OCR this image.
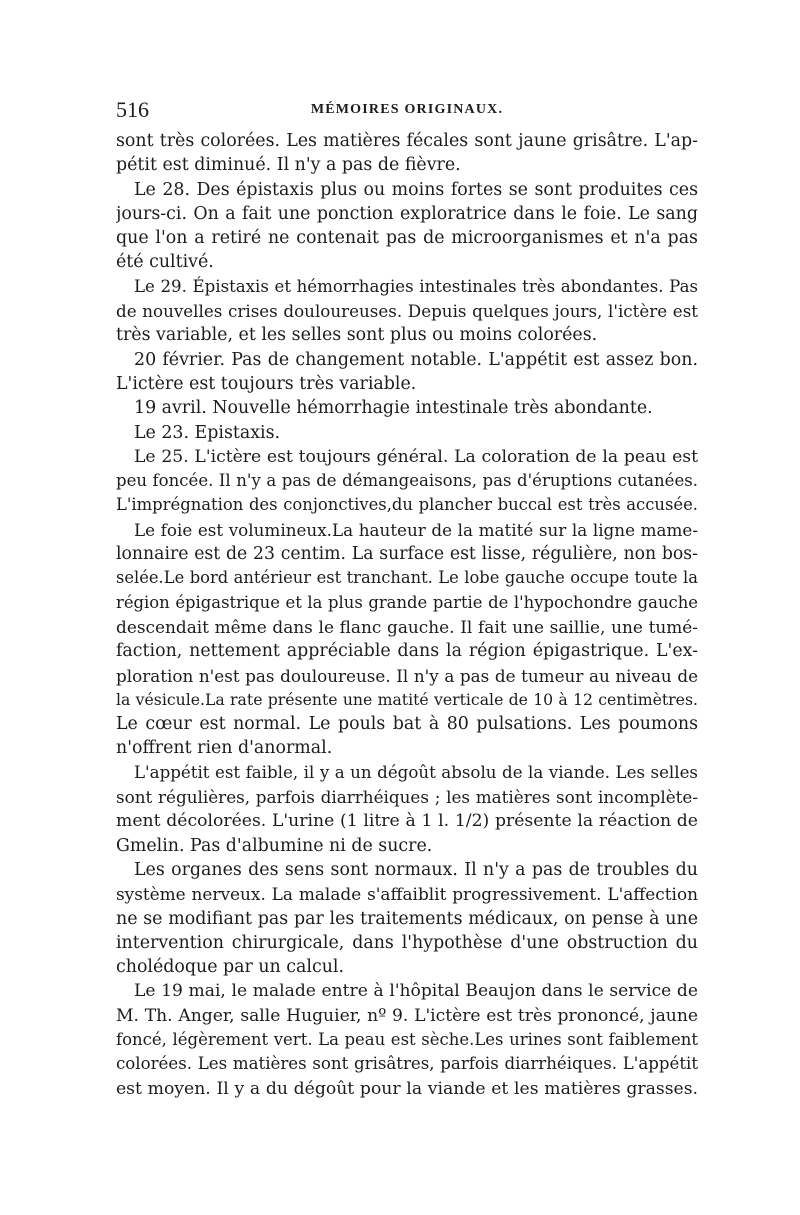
516	MÉMOIRES ORIGINAUX.
sont très colorées. Les matières fécales sont jaune grisâtre. L'ap-
pétit est diminué. Il n'y a pas de fièvre.
Le 28. Des épistaxis plus ou moins fortes se sont produites ces
jours-ci. On a fait une ponction exploratrice dans le foie. Le sang
que l'on a retiré ne contenait pas de microorganismes et n'a pas
été cultivé.
Le 29. Épistaxis et hémorrhagies intestinales très abondantes. Pas
de nouvelles crises douloureuses. Depuis quelques jours, l'ictère est
très variable, et les selles sont plus ou moins colorées.
20 février. Pas de changement notable. L'appétit est assez bon.
L'ictère est toujours très variable.
19 avril. Nouvelle hémorrhagie intestinale très abondante.
Le 23. Epistaxis.
Le 25. L'ictère est toujours général. La coloration de la peau est
peu foncée. Il n'y a pas de démangeaisons, pas d'éruptions cutanées.
L'imprégnation des conjonctives,du plancher buccal est très accusée.
Le foie est volumineux.La hauteur de la matité sur la ligne mame-
lonnaire est de 23 centim. La surface est lisse, régulière, non bos-
selée.Le bord antérieur est tranchant. Le lobe gauche occupe toute la
région épigastrique et la plus grande partie de l'hypochondre gauche
descendait même dans le flanc gauche. Il fait une saillie, une tumé-
faction, nettement appréciable dans la région épigastrique. L'ex-
ploration n'est pas douloureuse. Il n'y a pas de tumeur au niveau de
la vésicule.La rate présente une matité verticale de 10 à 12 centimètres.
Le cœur est normal. Le pouls bat à 80 pulsations. Les poumons
n'offrent rien d'anormal.
L'appétit est faible, il y a un dégoût absolu de la viande. Les selles
sont régulières, parfois diarrhéiques ; les matières sont incomplète-
ment décolorées. L'urine (1 litre à 1 l. 1/2) présente la réaction de
Gmelin. Pas d'albumine ni de sucre.
Les organes des sens sont normaux. Il n'y a pas de troubles du
système nerveux. La malade s'affaiblit progressivement. L'affection
ne se modifiant pas par les traitements médicaux, on pense à une
intervention chirurgicale, dans l'hypothèse d'une obstruction du
cholédoque par un calcul.
Le 19 mai, le malade entre à l'hôpital Beaujon dans le service de
M. Th. Anger, salle Huguier, nº 9. L'ictère est très prononcé, jaune
foncé, légèrement vert. La peau est sèche.Les urines sont faiblement
colorées. Les matières sont grisâtres, parfois diarrhéiques. L'appétit
est moyen. Il y a du dégoût pour la viande et les matières grasses.
